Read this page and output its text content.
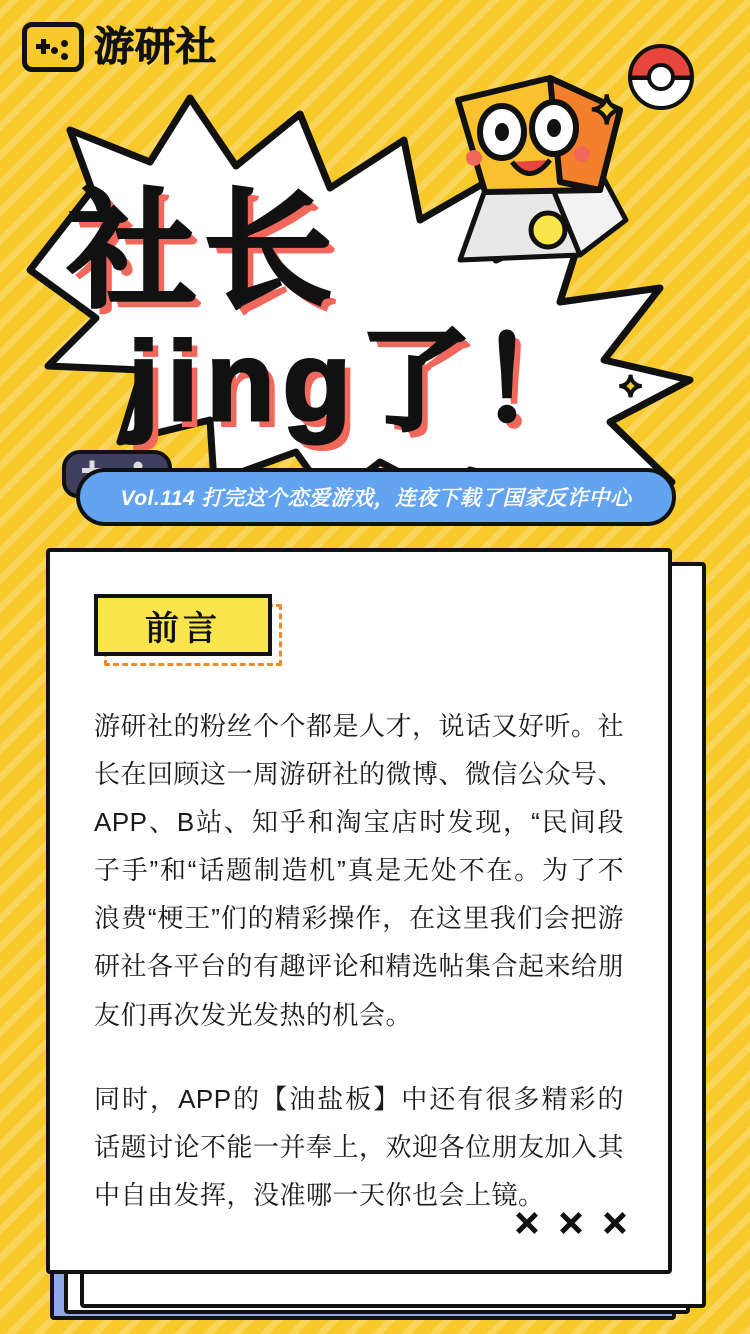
游研社
✦
✦
社长
jing了！
Vol.114 打完这个恋爱游戏，连夜下载了国家反诈中心
前言

游研社的粉丝个个都是人才，说话又好听。社长在回顾这一周游研社的微博、微信公众号、APP、B站、知乎和淘宝店时发现，“民间段子手”和“话题制造机”真是无处不在。为了不浪费“梗王”们的精彩操作，在这里我们会把游研社各平台的有趣评论和精选帖集合起来给朋友们再次发光发热的机会。

同时，APP的【油盐板】中还有很多精彩的话题讨论不能一并奉上，欢迎各位朋友加入其中自由发挥，没准哪一天你也会上镜。
